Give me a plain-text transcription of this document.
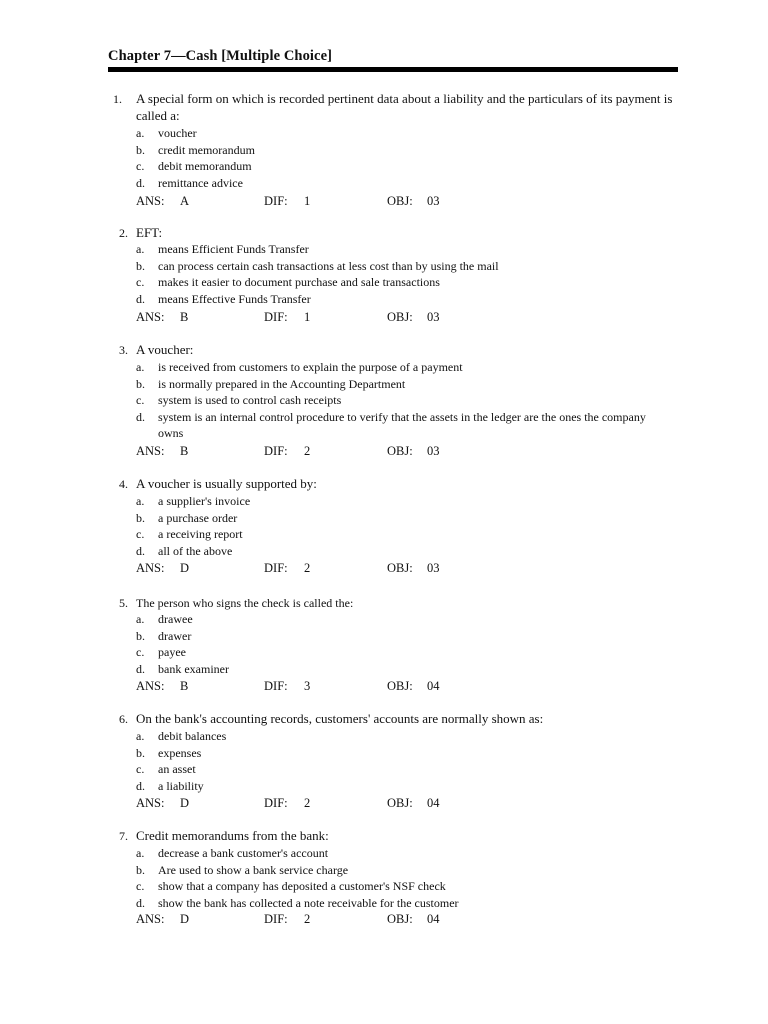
Chapter 7—Cash [Multiple Choice]
1. A special form on which is recorded pertinent data about a liability and the particulars of its payment is called a:
a.	voucher
b.	credit memorandum
c.	debit memorandum
d.	remittance advice
ANS: A	DIF: 1	OBJ: 03
2. EFT:
a.	means Efficient Funds Transfer
b.	can process certain cash transactions at less cost than by using the mail
c.	makes it easier to document purchase and sale transactions
d.	means Effective Funds Transfer
ANS: B	DIF: 1	OBJ: 03
3. A voucher:
a.	is received from customers to explain the purpose of a payment
b.	is normally prepared in the Accounting Department
c.	system is used to control cash receipts
d.	system is an internal control procedure to verify that the assets in the ledger are the ones the company owns
ANS: B	DIF: 2	OBJ: 03
4. A voucher is usually supported by:
a.	a supplier's invoice
b.	a purchase order
c.	a receiving report
d.	all of the above
ANS: D	DIF: 2	OBJ: 03
5. The person who signs the check is called the:
a.	drawee
b.	drawer
c.	payee
d.	bank examiner
ANS: B	DIF: 3	OBJ: 04
6. On the bank's accounting records, customers' accounts are normally shown as:
a.	debit balances
b.	expenses
c.	an asset
d.	a liability
ANS: D	DIF: 2	OBJ: 04
7. Credit memorandums from the bank:
a.	decrease a bank customer's account
b.	Are used to show a bank service charge
c.	show that a company has deposited a customer's NSF check
d.	show the bank has collected a note receivable for the customer
ANS: D	DIF: 2	OBJ: 04
